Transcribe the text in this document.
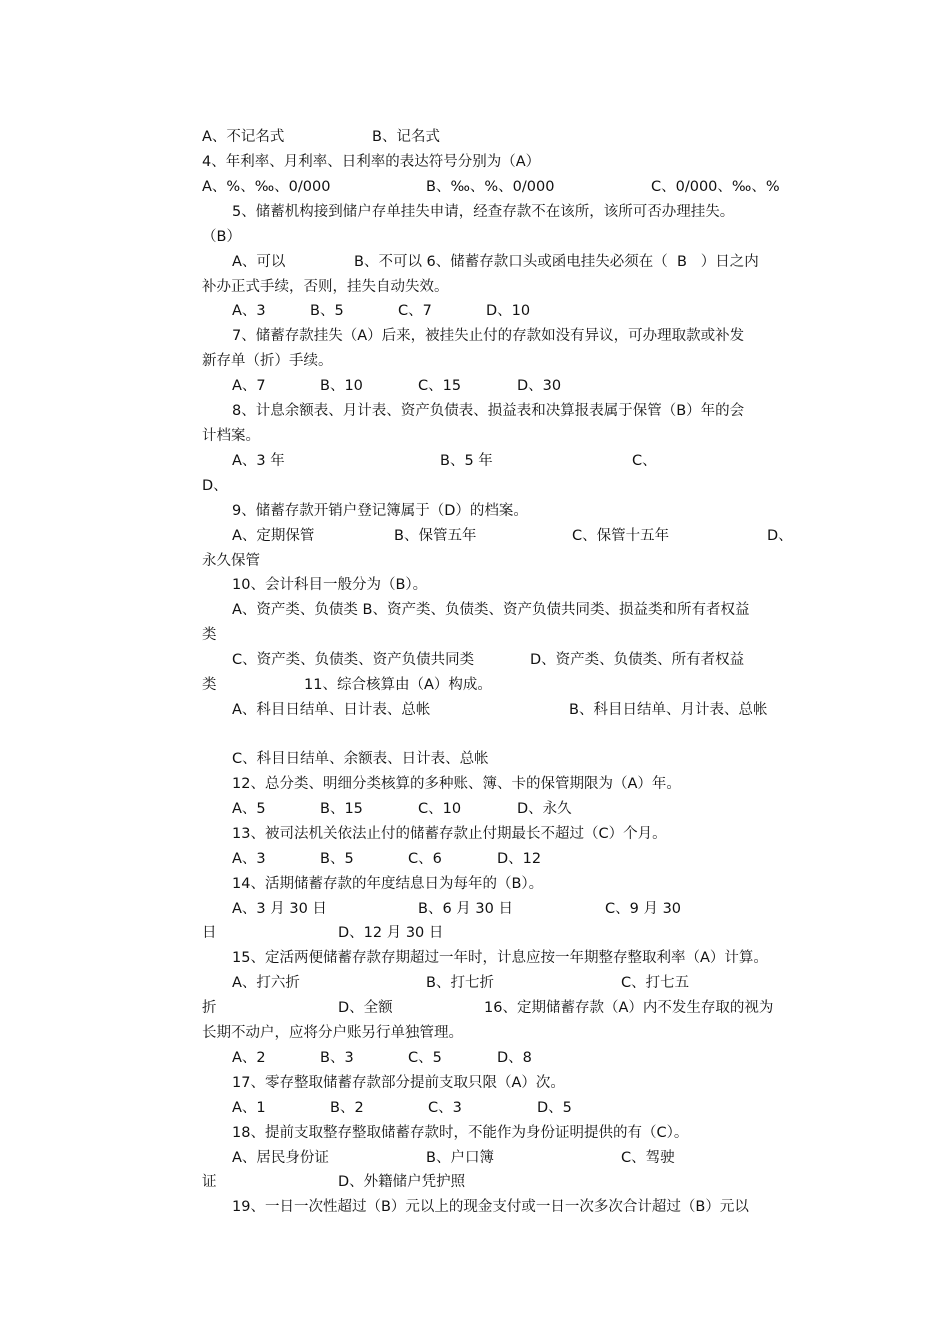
A、不记名式	B、记名式
4、年利率、月利率、日利率的表达符号分别为（A）
A、%、‰、0/000	B、‰、%、0/000	C、0/000、‰、%
5、储蓄机构接到储户存单挂失申请，经查存款不在该所，该所可否办理挂失。
（B）
A、可以	B、不可以 6、储蓄存款口头或函电挂失必须在（  B   ）日之内
补办正式手续，否则，挂失自动失效。
A、3	B、5	C、7	D、10
7、储蓄存款挂失（A）后来，被挂失止付的存款如没有异议，可办理取款或补发
新存单（折）手续。
A、7	B、10	C、15	D、30
8、计息余额表、月计表、资产负债表、损益表和决算报表属于保管（B）年的会
计档案。
A、3 年	B、5 年	C、
D、
9、储蓄存款开销户登记簿属于（D）的档案。
A、定期保管	B、保管五年	C、保管十五年	D、
永久保管
10、会计科目一般分为（B）。
A、资产类、负债类 B、资产类、负债类、资产负债共同类、损益类和所有者权益
类
C、资产类、负债类、资产负债共同类	D、资产类、负债类、所有者权益
类	11、综合核算由（A）构成。
A、科目日结单、日计表、总帐	B、科目日结单、月计表、总帐
C、科目日结单、余额表、日计表、总帐
12、总分类、明细分类核算的多种账、簿、卡的保管期限为（A）年。
A、5	B、15	C、10	D、永久
13、被司法机关依法止付的储蓄存款止付期最长不超过（C）个月。
A、3	B、5	C、6	D、12
14、活期储蓄存款的年度结息日为每年的（B）。
A、3 月 30 日	B、6 月 30 日	C、9 月 30
日	D、12 月 30 日
15、定活两便储蓄存款存期超过一年时，计息应按一年期整存整取利率（A）计算。
A、打六折	B、打七折	C、打七五
折	D、全额	16、定期储蓄存款（A）内不发生存取的视为
长期不动户，应将分户账另行单独管理。
A、2	B、3	C、5	D、8
17、零存整取储蓄存款部分提前支取只限（A）次。
A、1	B、2	C、3	D、5
18、提前支取整存整取储蓄存款时，不能作为身份证明提供的有（C）。
A、居民身份证	B、户口簿	C、驾驶
证	D、外籍储户凭护照
19、一日一次性超过（B）元以上的现金支付或一日一次多次合计超过（B）元以
